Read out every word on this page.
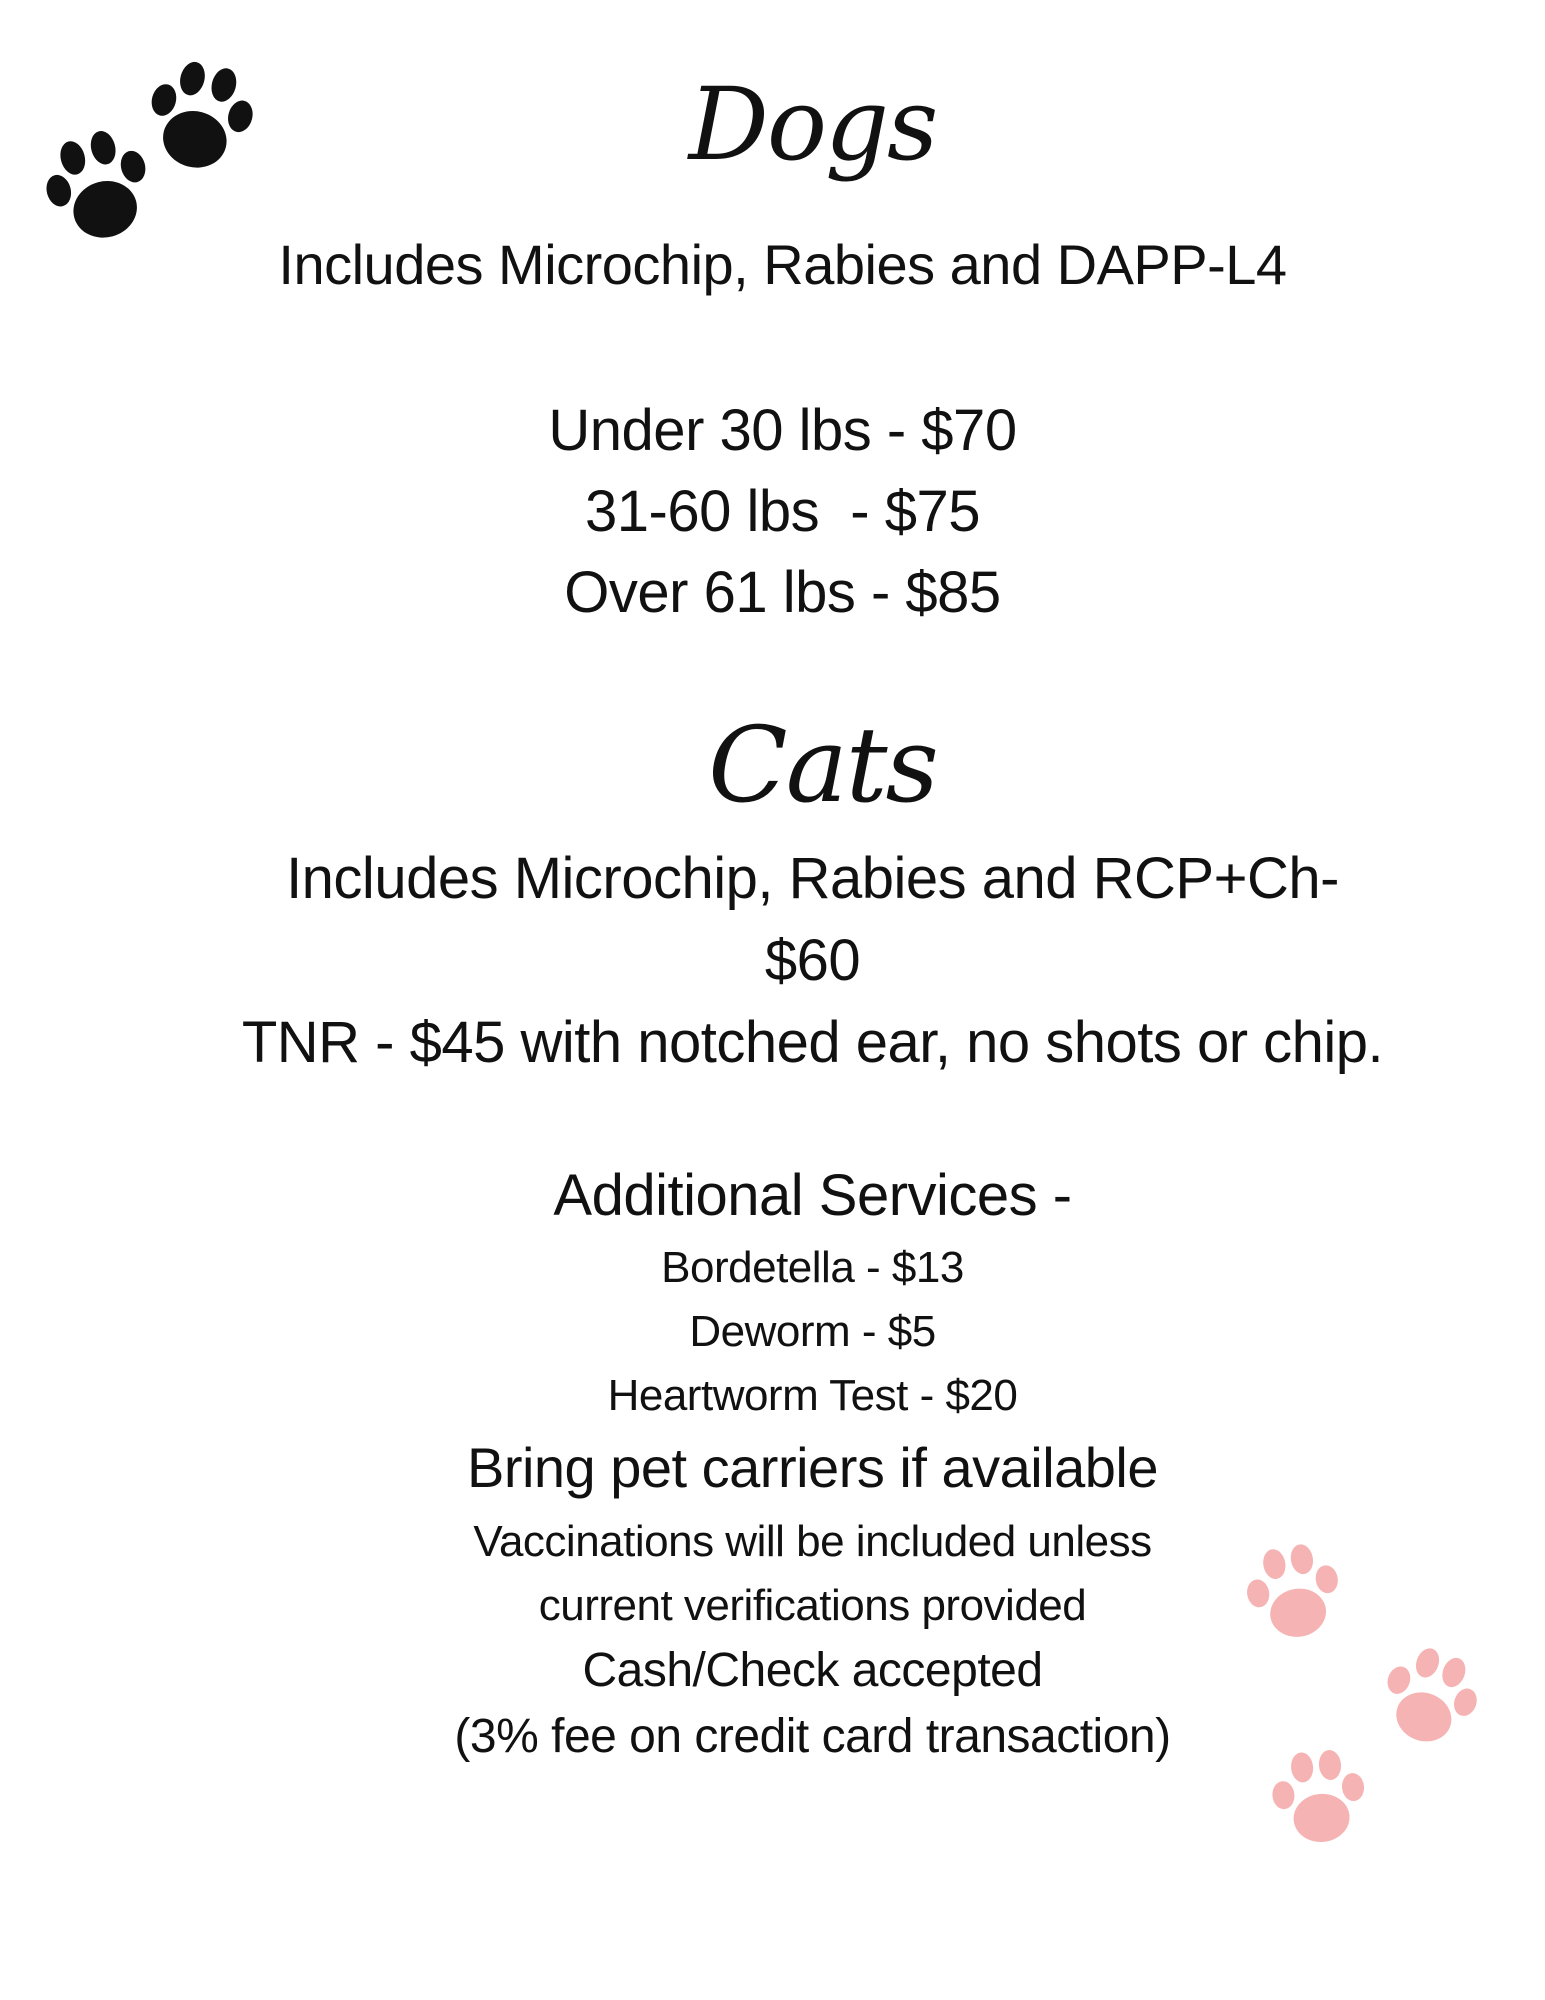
Dogs
Includes Microchip, Rabies and DAPP-L4
Under 30 lbs - $70
31-60 lbs  - $75
Over 61 lbs - $85
Cats
Includes Microchip, Rabies and RCP+Ch-
$60
TNR - $45 with notched ear, no shots or chip.
Additional Services -
Bordetella - $13
Deworm - $5
Heartworm Test - $20
Bring pet carriers if available
Vaccinations will be included unless
current verifications provided
Cash/Check accepted
(3% fee on credit card transaction)
